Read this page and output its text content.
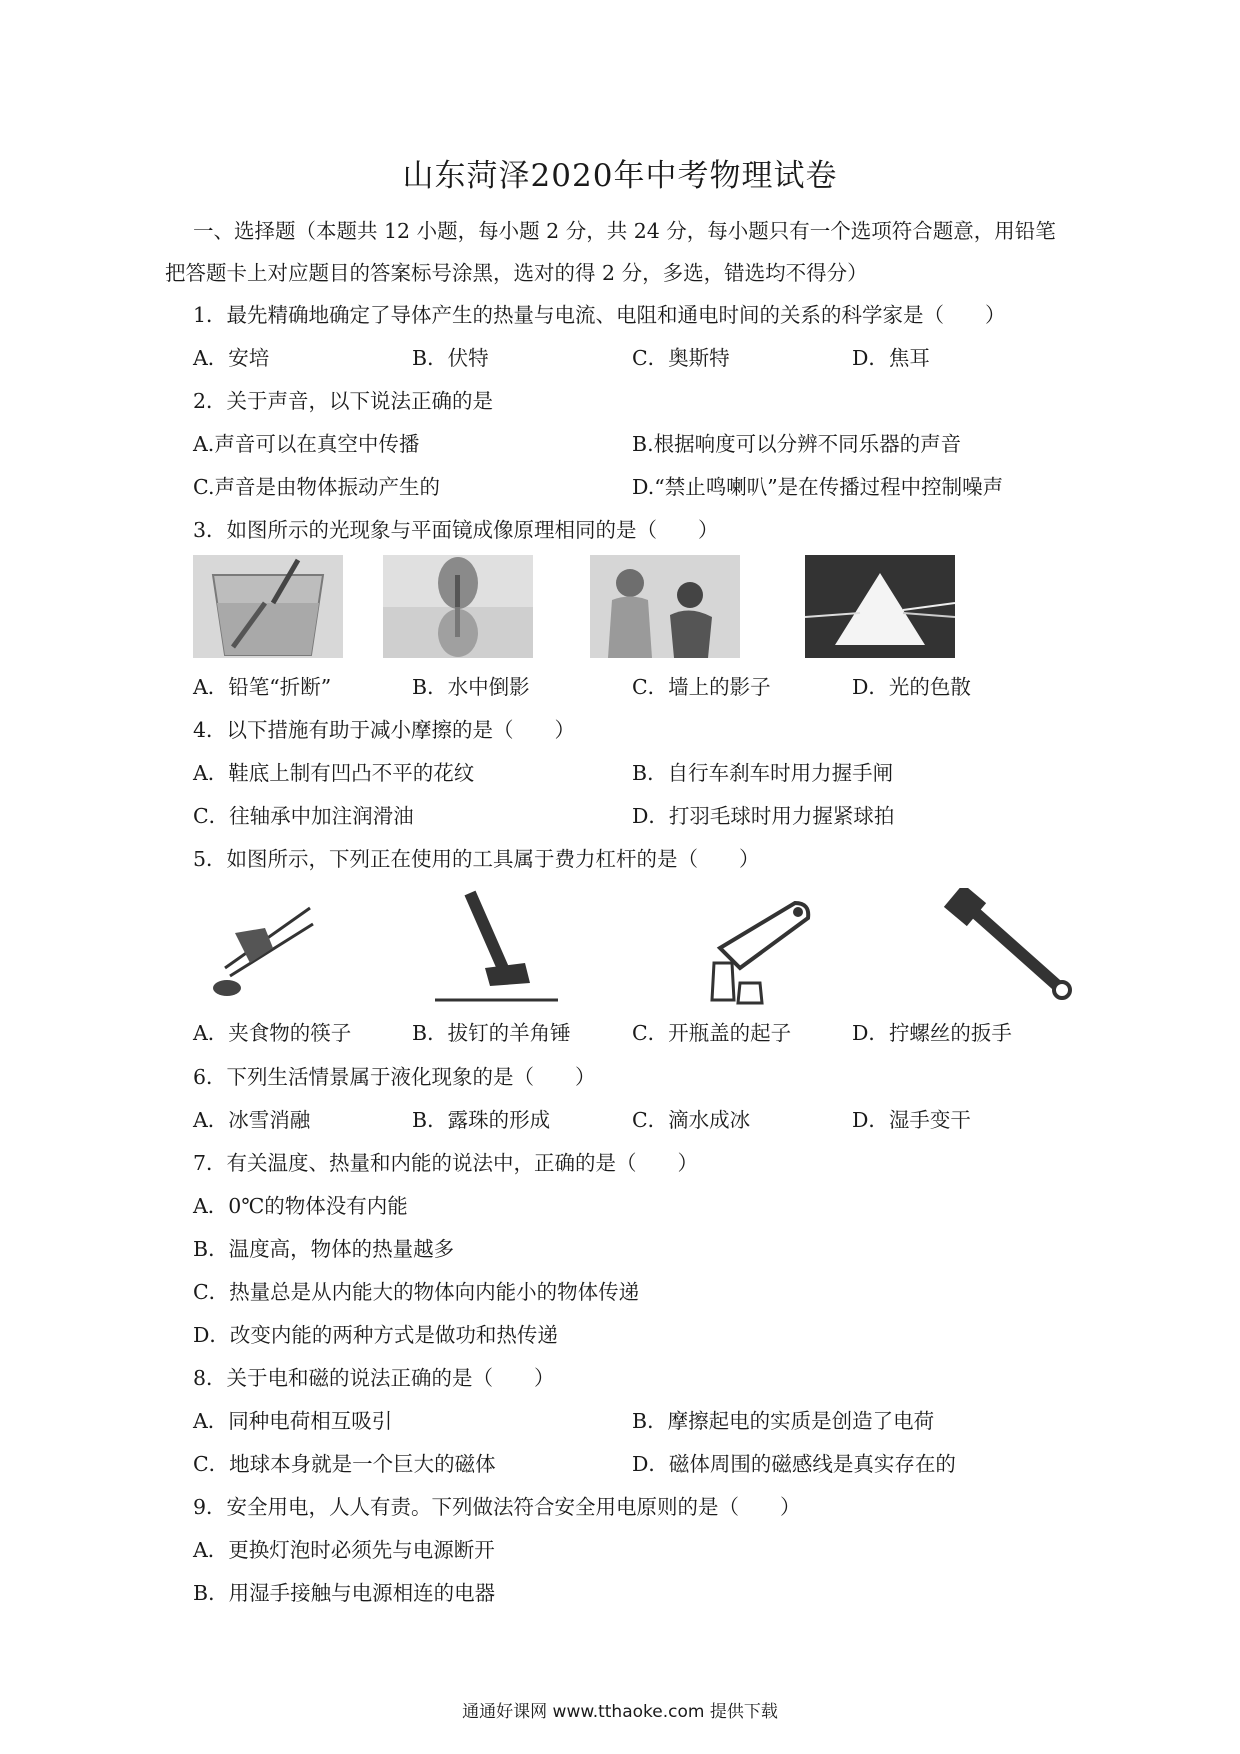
山东菏泽2020年中考物理试卷
一、选择题（本题共 12 小题，每小题 2 分，共 24 分，每小题只有一个选项符合题意，用铅笔
把答题卡上对应题目的答案标号涂黑，选对的得 2 分，多选，错选均不得分）
1．最先精确地确定了导体产生的热量与电流、电阻和通电时间的关系的科学家是（　　）
A．安培	B．伏特	C．奥斯特	D．焦耳
2．关于声音，以下说法正确的是
A.声音可以在真空中传播	B.根据响度可以分辨不同乐器的声音
C.声音是由物体振动产生的	D.“禁止鸣喇叭”是在传播过程中控制噪声
3．如图所示的光现象与平面镜成像原理相同的是（　　）
A．铅笔“折断”	B．水中倒影	C．墙上的影子	D．光的色散
4．以下措施有助于减小摩擦的是（　　）
A．鞋底上制有凹凸不平的花纹	B．自行车刹车时用力握手闸
C．往轴承中加注润滑油	D．打羽毛球时用力握紧球拍
5．如图所示，下列正在使用的工具属于费力杠杆的是（　　）
A．夹食物的筷子	B．拔钉的羊角锤	C．开瓶盖的起子	D．拧螺丝的扳手
6．下列生活情景属于液化现象的是（　　）
A．冰雪消融	B．露珠的形成	C．滴水成冰	D．湿手变干
7．有关温度、热量和内能的说法中，正确的是（　　）
A．0℃的物体没有内能
B．温度高，物体的热量越多
C．热量总是从内能大的物体向内能小的物体传递
D．改变内能的两种方式是做功和热传递
8．关于电和磁的说法正确的是（　　）
A．同种电荷相互吸引	B．摩擦起电的实质是创造了电荷
C．地球本身就是一个巨大的磁体	D．磁体周围的磁感线是真实存在的
9．安全用电，人人有责。下列做法符合安全用电原则的是（　　）
A．更换灯泡时必须先与电源断开
B．用湿手接触与电源相连的电器
通通好课网 www.tthaoke.com 提供下载
